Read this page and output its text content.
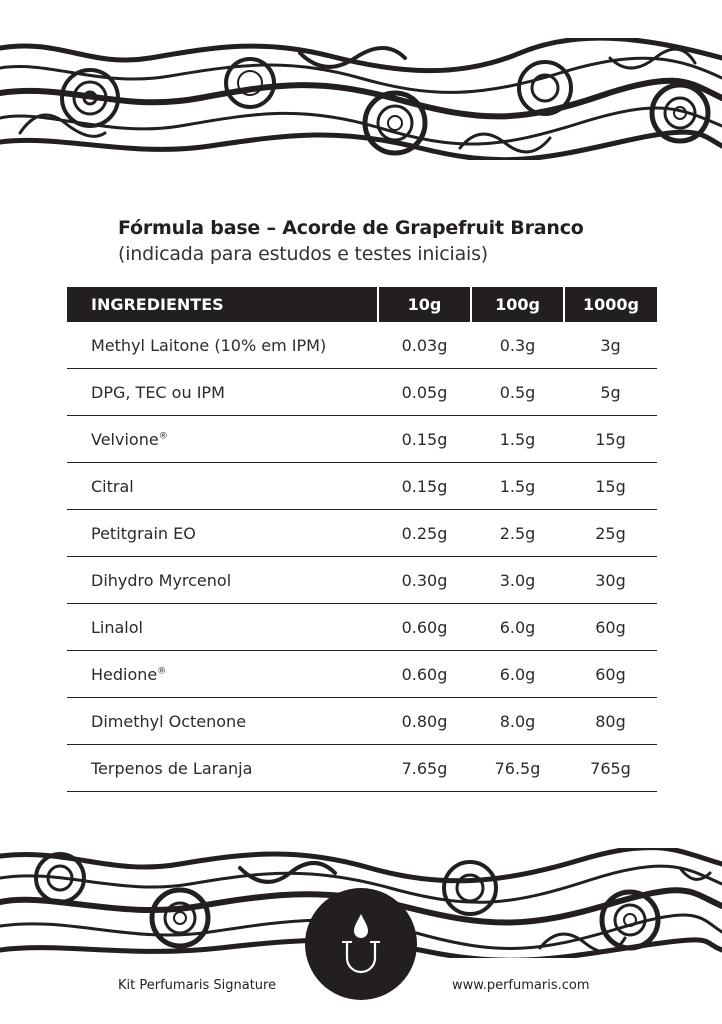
Fórmula base – Acorde de Grapefruit Branco
(indicada para estudos e testes iniciais)
INGREDIENTES	10g	100g	1000g
Methyl Laitone (10% em IPM)	0.03g	0.3g	3g
DPG, TEC ou IPM	0.05g	0.5g	5g
Velvione®	0.15g	1.5g	15g
Citral	0.15g	1.5g	15g
Petitgrain EO	0.25g	2.5g	25g
Dihydro Myrcenol	0.30g	3.0g	30g
Linalol	0.60g	6.0g	60g
Hedione®	0.60g	6.0g	60g
Dimethyl Octenone	0.80g	8.0g	80g
Terpenos de Laranja	7.65g	76.5g	765g
Kit Perfumaris Signature	www.perfumaris.com
